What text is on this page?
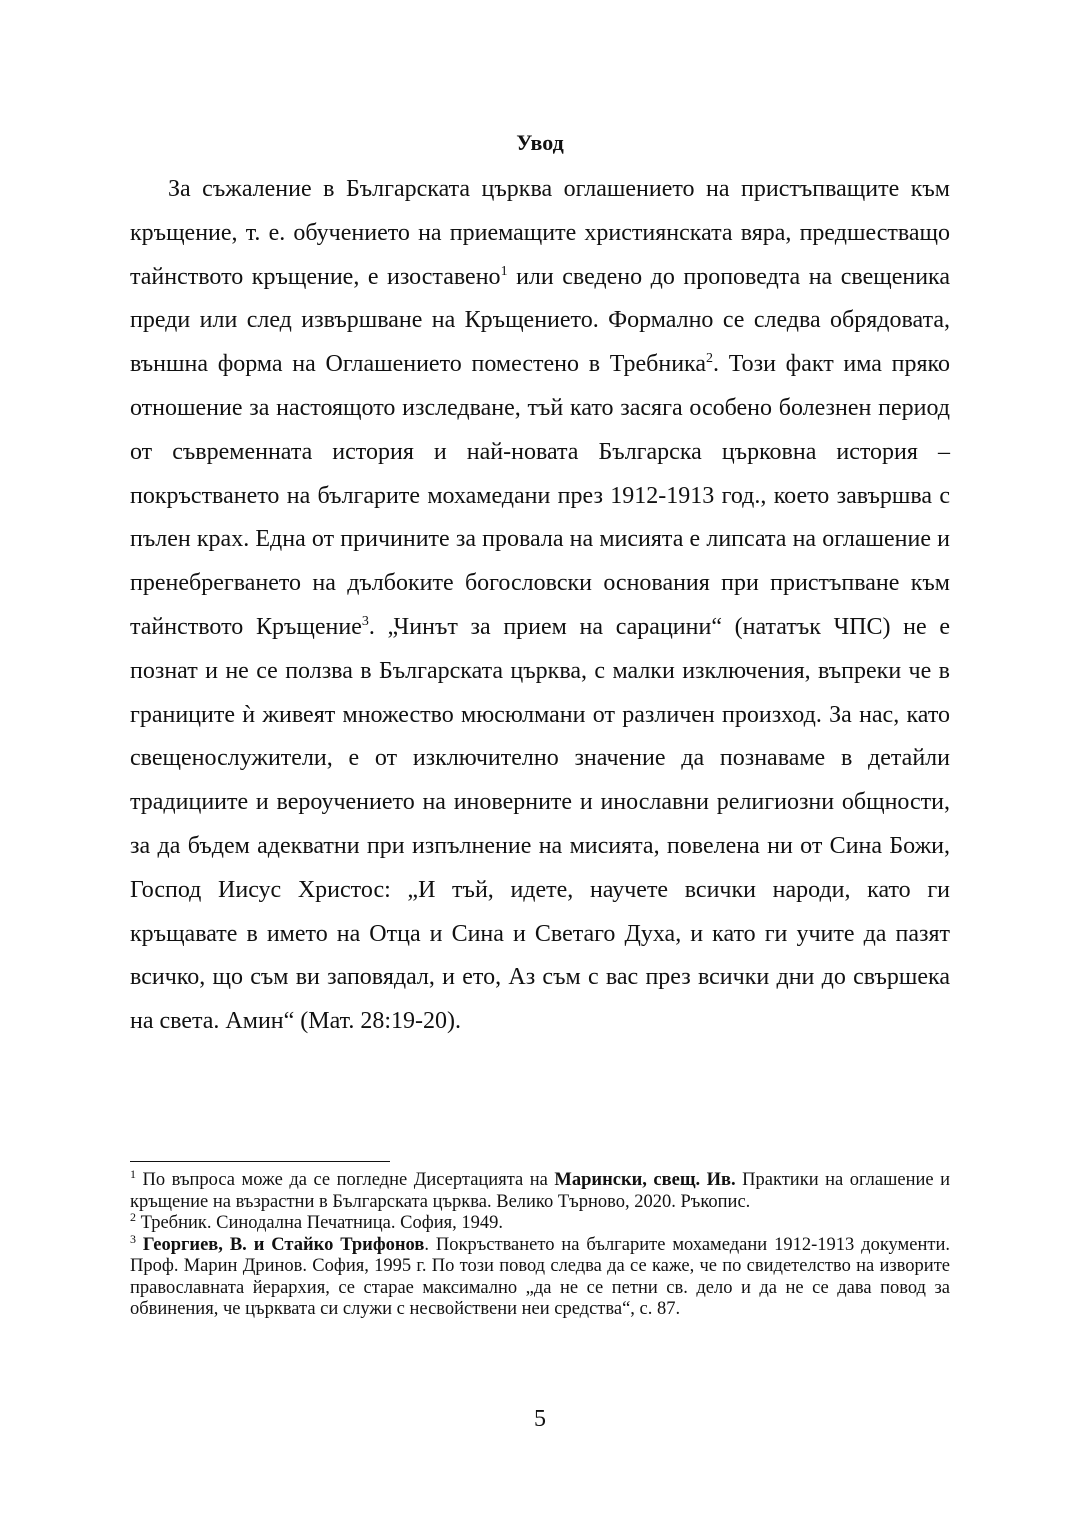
Увод

За съжаление в Българската църква оглашението на пристъпващите към кръщение, т. е. обучението на приемащите християнската вяра, предшестващо тайнството кръщение, е изоставено$^1$ или сведено до проповедта на свещеника преди или след извършване на Кръщението. Формално се следва обрядовата, външна форма на Оглашението поместено в Требника$^2$. Този факт има пряко отношение за настоящото изследване, тъй като засяга особено болезнен период от съвременната история и най-новата Българска църковна история – покръстването на българите мохамедани през 1912-1913 год., което завършва с пълен крах. Една от причините за провала на мисията е липсата на оглашение и пренебрегването на дълбоките богословски основания при пристъпване към тайнството Кръщение$^3$. „Чинът за прием на сарацини“ (нататък ЧПС) не е познат и не се ползва в Българската църква, с малки изключения, въпреки че в границите ѝ живеят множество мюсюлмани от различен произход. За нас, като свещенослужители, е от изключително значение да познаваме в детайли традициите и вероучението на иноверните и инославни религиозни общности, за да бъдем адекватни при изпълнение на мисията, повелена ни от Сина Божи, Господ Иисус Христос: „И тъй, идете, научете всички народи, като ги кръщавате в името на Отца и Сина и Светаго Духа, и като ги учите да пазят всичко, що съм ви заповядал, и ето, Аз съм с вас през всички дни до свършека на света. Амин“ (Мат. 28:19-20).

$^1$ По въпроса може да се погледне Дисертацията на Марински, свещ. Ив. Практики на оглашение и кръщение на възрастни в Българската църква. Велико Търново, 2020. Ръкопис.

$^2$ Требник. Синодална Печатница. София, 1949.

$^3$ Георгиев, В. и Стайко Трифонов. Покръстването на българите мохамедани 1912-1913 документи. Проф. Марин Дринов. София, 1995 г. По този повод следва да се каже, че по свидетелство на изворите православната йерархия, се старае максимално „да не се петни св. дело и да не се дава повод за обвинения, че църквата си служи с несвойствени неи средства“, с. 87.

5
